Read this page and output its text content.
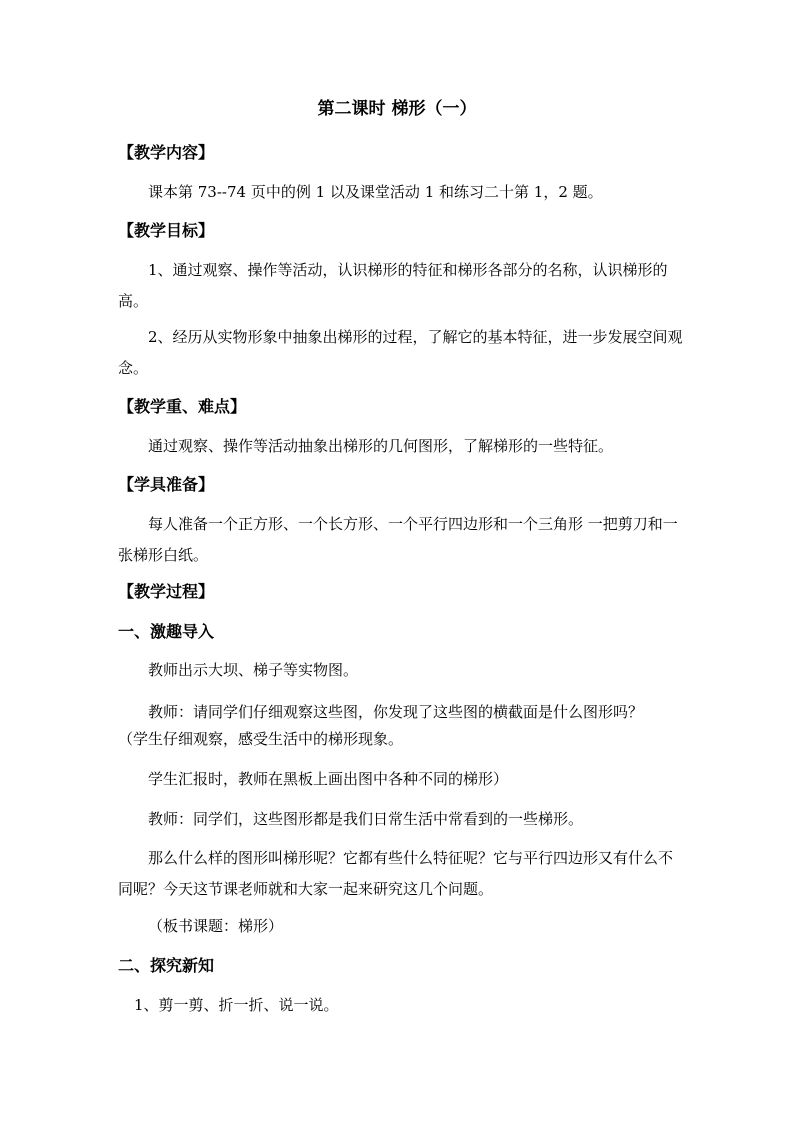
第二课时 梯形（一）
【教学内容】
课本第 73--74 页中的例 1 以及课堂活动 1 和练习二十第 1，2 题。
【教学目标】
1、通过观察、操作等活动，认识梯形的特征和梯形各部分的名称，认识梯形的高。
2、经历从实物形象中抽象出梯形的过程，了解它的基本特征，进一步发展空间观念。
【教学重、难点】
通过观察、操作等活动抽象出梯形的几何图形，了解梯形的一些特征。
【学具准备】
每人准备一个正方形、一个长方形、一个平行四边形和一个三角形 一把剪刀和一张梯形白纸。
【教学过程】
一、激趣导入
教师出示大坝、梯子等实物图。
教师：请同学们仔细观察这些图，你发现了这些图的横截面是什么图形吗？
（学生仔细观察，感受生活中的梯形现象。
学生汇报时，教师在黑板上画出图中各种不同的梯形）
教师：同学们，这些图形都是我们日常生活中常看到的一些梯形。
那么什么样的图形叫梯形呢？它都有些什么特征呢？它与平行四边形又有什么不同呢？今天这节课老师就和大家一起来研究这几个问题。
（板书课题：梯形）
二、探究新知
1、剪一剪、折一折、说一说。
